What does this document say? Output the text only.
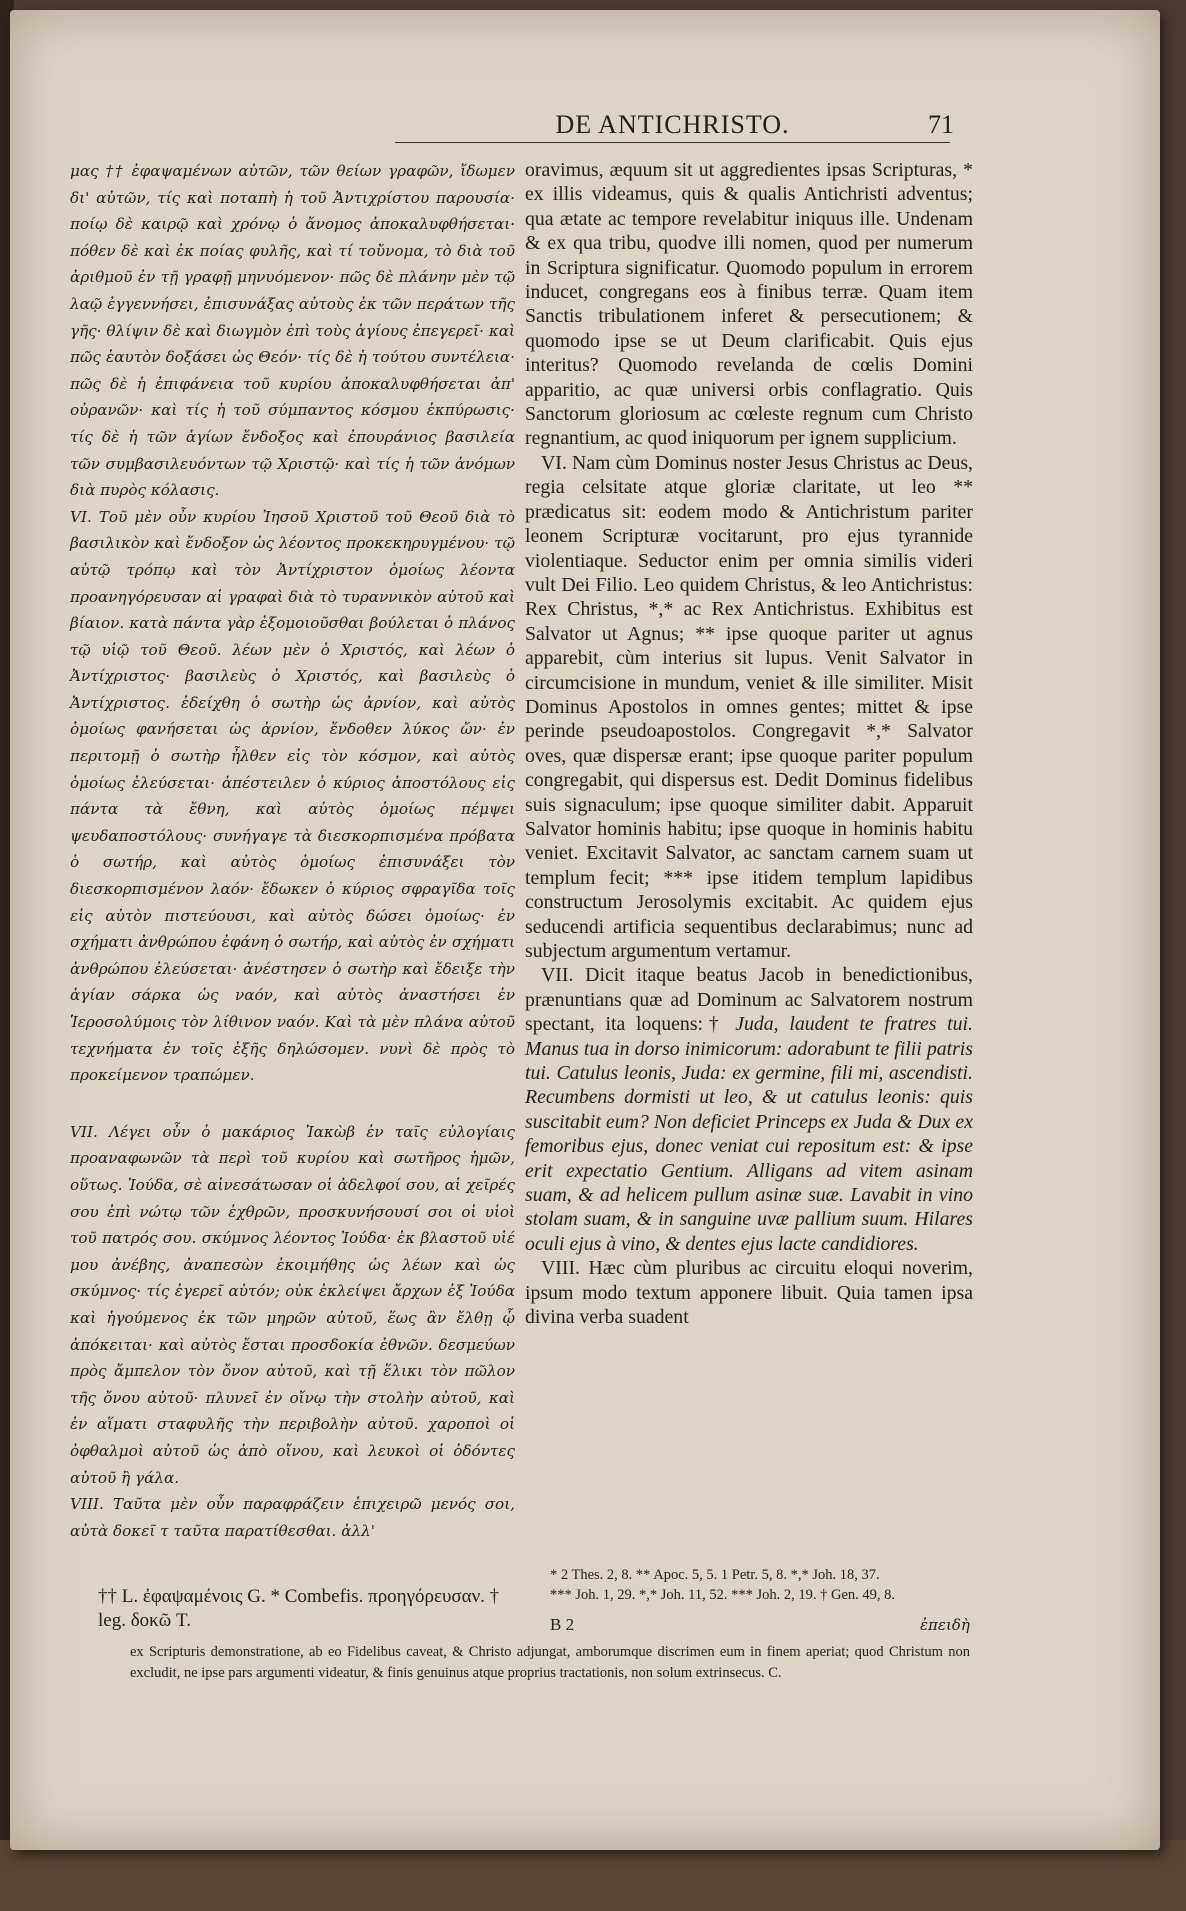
DE ANTICHRISTO.	71

μας †† ἐφαψαμένων αὐτῶν, τῶν θείων γραφῶν, ἴδωμεν δι' αὐτῶν, τίς καὶ ποταπὴ ἡ τοῦ Ἀντιχρίστου παρουσία· ποίῳ δὲ καιρῷ καὶ χρόνῳ ὁ ἄνομος ἀποκαλυφθήσεται· πόθεν δὲ καὶ ἐκ ποίας φυλῆς, καὶ τί τοὔνομα, τὸ διὰ τοῦ ἀριθμοῦ ἐν τῇ γραφῇ μηνυόμενον· πῶς δὲ πλάνην μὲν τῷ λαῷ ἐγγεννήσει, ἐπισυνάξας αὐτοὺς ἐκ τῶν περάτων τῆς γῆς· θλίψιν δὲ καὶ διωγμὸν ἐπὶ τοὺς ἁγίους ἐπεγερεῖ· καὶ πῶς ἑαυτὸν δοξάσει ὡς Θεόν· τίς δὲ ἡ τούτου συντέλεια· πῶς δὲ ἡ ἐπιφάνεια τοῦ κυρίου ἀποκαλυφθήσεται ἀπ' οὐρανῶν· καὶ τίς ἡ τοῦ σύμπαντος κόσμου ἐκπύρωσις· τίς δὲ ἡ τῶν ἁγίων ἔνδοξος καὶ ἐπουράνιος βασιλεία τῶν συμβασιλευόντων τῷ Χριστῷ· καὶ τίς ἡ τῶν ἀνόμων διὰ πυρὸς κόλασις.

VI. Τοῦ μὲν οὖν κυρίου Ἰησοῦ Χριστοῦ τοῦ Θεοῦ διὰ τὸ βασιλικὸν καὶ ἔνδοξον ὡς λέοντος προκεκηρυγμένου· τῷ αὐτῷ τρόπῳ καὶ τὸν Ἀντίχριστον ὁμοίως λέοντα προανηγόρευσαν αἱ γραφαὶ διὰ τὸ τυραννικὸν αὐτοῦ καὶ βίαιον. κατὰ πάντα γὰρ ἐξομοιοῦσθαι βούλεται ὁ πλάνος τῷ υἱῷ τοῦ Θεοῦ. λέων μὲν ὁ Χριστός, καὶ λέων ὁ Ἀντίχριστος· βασιλεὺς ὁ Χριστός, καὶ βασιλεὺς ὁ Ἀντίχριστος. ἐδείχθη ὁ σωτὴρ ὡς ἀρνίον, καὶ αὐτὸς ὁμοίως φανήσεται ὡς ἀρνίον, ἔνδοθεν λύκος ὤν· ἐν περιτομῇ ὁ σωτὴρ ἦλθεν εἰς τὸν κόσμον, καὶ αὐτὸς ὁμοίως ἐλεύσεται· ἀπέστειλεν ὁ κύριος ἀποστόλους εἰς πάντα τὰ ἔθνη, καὶ αὐτὸς ὁμοίως πέμψει ψευδαποστόλους· συνήγαγε τὰ διεσκορπισμένα πρόβατα ὁ σωτήρ, καὶ αὐτὸς ὁμοίως ἐπισυνάξει τὸν διεσκορπισμένον λαόν· ἔδωκεν ὁ κύριος σφραγῖδα τοῖς εἰς αὐτὸν πιστεύουσι, καὶ αὐτὸς δώσει ὁμοίως· ἐν σχήματι ἀνθρώπου ἐφάνη ὁ σωτήρ, καὶ αὐτὸς ἐν σχήματι ἀνθρώπου ἐλεύσεται· ἀνέστησεν ὁ σωτὴρ καὶ ἔδειξε τὴν ἁγίαν σάρκα ὡς ναόν, καὶ αὐτὸς ἀναστήσει ἐν Ἱεροσολύμοις τὸν λίθινον ναόν. Καὶ τὰ μὲν πλάνα αὐτοῦ τεχνήματα ἐν τοῖς ἑξῆς δηλώσομεν. νυνὶ δὲ πρὸς τὸ προκείμενον τραπώμεν.

VII. Λέγει οὖν ὁ μακάριος Ἰακὼβ ἐν ταῖς εὐλογίαις προαναφωνῶν τὰ περὶ τοῦ κυρίου καὶ σωτῆρος ἡμῶν, οὕτως. Ἰούδα, σὲ αἰνεσάτωσαν οἱ ἀδελφοί σου, αἱ χεῖρές σου ἐπὶ νώτῳ τῶν ἐχθρῶν, προσκυνήσουσί σοι οἱ υἱοὶ τοῦ πατρός σου. σκύμνος λέοντος Ἰούδα· ἐκ βλαστοῦ υἱέ μου ἀνέβης, ἀναπεσὼν ἐκοιμήθης ὡς λέων καὶ ὡς σκύμνος· τίς ἐγερεῖ αὐτόν; οὐκ ἐκλείψει ἄρχων ἐξ Ἰούδα καὶ ἡγούμενος ἐκ τῶν μηρῶν αὐτοῦ, ἕως ἂν ἔλθῃ ᾧ ἀπόκειται· καὶ αὐτὸς ἔσται προσδοκία ἐθνῶν. δεσμεύων πρὸς ἄμπελον τὸν ὄνον αὐτοῦ, καὶ τῇ ἕλικι τὸν πῶλον τῆς ὄνου αὐτοῦ· πλυνεῖ ἐν οἴνῳ τὴν στολὴν αὐτοῦ, καὶ ἐν αἵματι σταφυλῆς τὴν περιβολὴν αὐτοῦ. χαροποὶ οἱ ὀφθαλμοὶ αὐτοῦ ὡς ἀπὸ οἴνου, καὶ λευκοὶ οἱ ὀδόντες αὐτοῦ ἢ γάλα.

VIII. Ταῦτα μὲν οὖν παραφράζειν ἐπιχειρῶ μενός σοι, αὐτὰ δοκεῖ τ ταῦτα παρατίθεσθαι. ἀλλ'

†† L. ἐφαψαμένοις G. * Combefis. προηγόρευσαν. † leg. δοκῶ T.

oravimus, æquum sit ut aggredientes ipsas Scripturas, * ex illis videamus, quis & qualis Antichristi adventus; qua ætate ac tempore revelabitur iniquus ille. Undenam & ex qua tribu, quodve illi nomen, quod per numerum in Scriptura significatur. Quomodo populum in errorem inducet, congregans eos à finibus terræ. Quam item Sanctis tribulationem inferet & persecutionem; & quomodo ipse se ut Deum clarificabit. Quis ejus interitus? Quomodo revelanda de cœlis Domini apparitio, ac quæ universi orbis conflagratio. Quis Sanctorum gloriosum ac cœleste regnum cum Christo regnantium, ac quod iniquorum per ignem supplicium.

VI. Nam cùm Dominus noster Jesus Christus ac Deus, regia celsitate atque gloriæ claritate, ut leo ** prædicatus sit: eodem modo & Antichristum pariter leonem Scripturæ vocitarunt, pro ejus tyrannide violentiaque. Seductor enim per omnia similis videri vult Dei Filio. Leo quidem Christus, & leo Antichristus: Rex Christus, *,* ac Rex Antichristus. Exhibitus est Salvator ut Agnus; ** ipse quoque pariter ut agnus apparebit, cùm interius sit lupus. Venit Salvator in circumcisione in mundum, veniet & ille similiter. Misit Dominus Apostolos in omnes gentes; mittet & ipse perinde pseudoapostolos. Congregavit *,* Salvator oves, quæ dispersæ erant; ipse quoque pariter populum congregabit, qui dispersus est. Dedit Dominus fidelibus suis signaculum; ipse quoque similiter dabit. Apparuit Salvator hominis habitu; ipse quoque in hominis habitu veniet. Excitavit Salvator, ac sanctam carnem suam ut templum fecit; *** ipse itidem templum lapidibus constructum Jerosolymis excitabit. Ac quidem ejus seducendi artificia sequentibus declarabimus; nunc ad subjectum argumentum vertamur.

VII. Dicit itaque beatus Jacob in benedictionibus, prænuntians quæ ad Dominum ac Salvatorem nostrum spectant, ita loquens:† Juda, laudent te fratres tui. Manus tua in dorso inimicorum: adorabunt te filii patris tui. Catulus leonis, Juda: ex germine, fili mi, ascendisti. Recumbens dormisti ut leo, & ut catulus leonis: quis suscitabit eum? Non deficiet Princeps ex Juda & Dux ex femoribus ejus, donec veniat cui repositum est: & ipse erit expectatio Gentium. Alligans ad vitem asinam suam, & ad helicem pullum asinæ suæ. Lavabit in vino stolam suam, & in sanguine uvæ pallium suum. Hilares oculi ejus à vino, & dentes ejus lacte candidiores.

VIII. Hæc cùm pluribus ac circuitu eloqui noverim, ipsum modo textum apponere libuit. Quia tamen ipsa divina verba suadent

* 2 Thes. 2, 8. ** Apoc. 5, 5. 1 Petr. 5, 8. *,* Joh. 18, 37.
*** Joh. 1, 29. *,* Joh. 11, 52. *** Joh. 2, 19. † Gen. 49, 8.
B 2	ἐπειδὴ
ex Scripturis demonstratione, ab eo Fidelibus caveat, & Christo adjungat, amborumque discrimen eum in finem aperiat; quod Christum non excludit, ne ipse pars argumenti videatur, & finis genuinus atque proprius tractationis, non solum extrinsecus. C.
